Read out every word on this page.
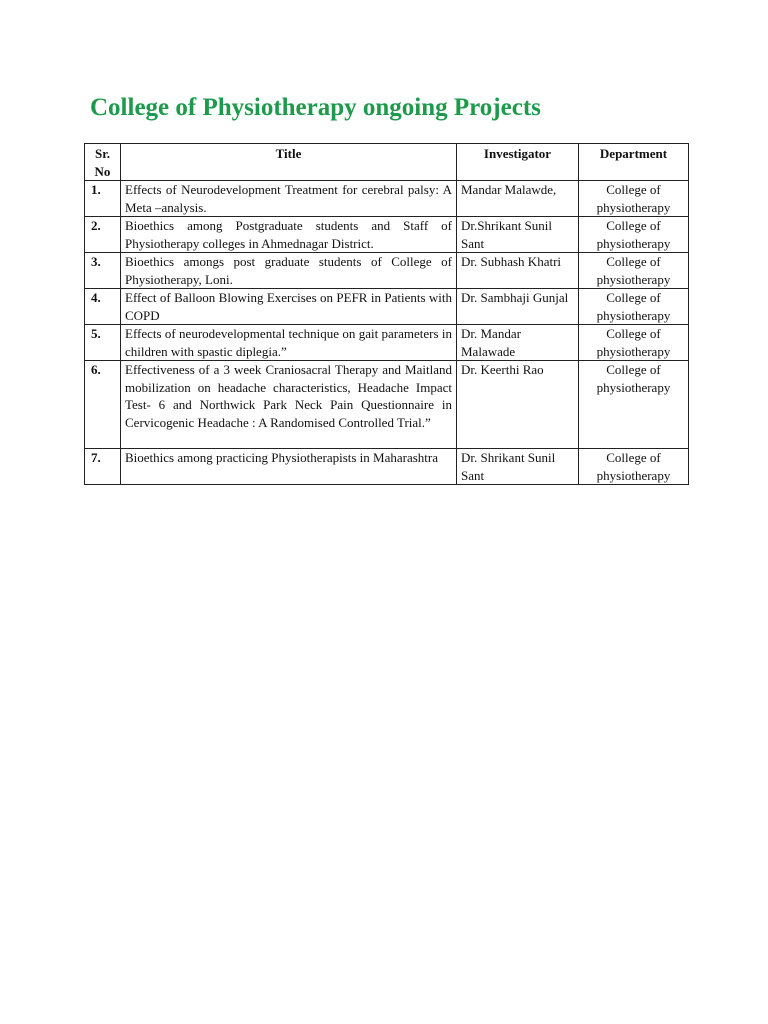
College of Physiotherapy ongoing Projects
Sr. No	Title	Investigator	Department
1.	Effects of Neurodevelopment Treatment for cerebral palsy: A Meta –analysis.	Mandar Malawde,	College of physiotherapy
2.	Bioethics among Postgraduate students and Staff of Physiotherapy colleges in Ahmednagar District.	Dr.Shrikant Sunil Sant	College of physiotherapy
3.	Bioethics amongs post graduate students of College of Physiotherapy, Loni.	Dr. Subhash Khatri	College of physiotherapy
4.	Effect of Balloon Blowing Exercises on PEFR in Patients with COPD	Dr. Sambhaji Gunjal	College of physiotherapy
5.	Effects of neurodevelopmental technique on gait parameters in children with spastic diplegia.”	Dr. Mandar Malawade	College of physiotherapy
6.	Effectiveness of a 3 week Craniosacral Therapy and Maitland mobilization on headache characteristics, Headache Impact Test- 6 and Northwick Park Neck Pain Questionnaire in Cervicogenic Headache : A Randomised Controlled Trial.”	Dr. Keerthi Rao	College of physiotherapy
7.	Bioethics among practicing Physiotherapists in Maharashtra	Dr. Shrikant Sunil Sant	College of physiotherapy
